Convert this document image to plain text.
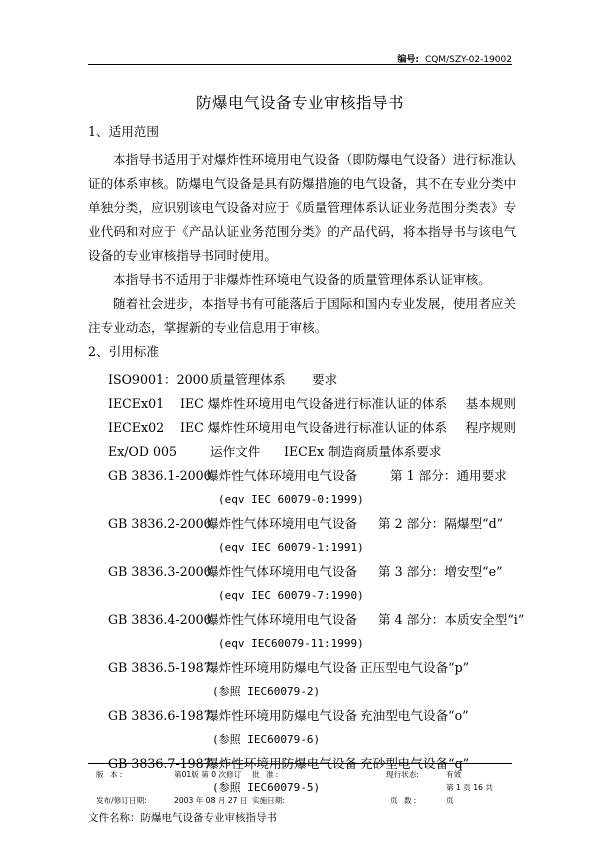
编号: CQM/SZY-02-19002
防爆电气设备专业审核指导书
1、适用范围

本指导书适用于对爆炸性环境用电气设备（即防爆电气设备）进行标准认证的体系审核。防爆电气设备是具有防爆措施的电气设备，其不在专业分类中单独分类，应识别该电气设备对应于《质量管理体系认证业务范围分类表》专业代码和对应于《产品认证业务范围分类》的产品代码，将本指导书与该电气设备的专业审核指导书同时使用。

本指导书不适用于非爆炸性环境电气设备的质量管理体系认证审核。

随着社会进步，本指导书有可能落后于国际和国内专业发展，使用者应关注专业动态，掌握新的专业信息用于审核。

2、引用标准
ISO9001：2000 质量管理体系 要求
IECEx01 IEC 爆炸性环境用电气设备进行标准认证的体系 基本规则
IECEx02 IEC 爆炸性环境用电气设备进行标准认证的体系 程序规则
Ex/OD 005	运作文件 IECEx 制造商质量体系要求
GB 3836.1-2000
爆炸性气体环境用电气设备	第 1 部分：通用要求
(eqv IEC 60079-0:1999)
GB 3836.2-2000
爆炸性气体环境用电气设备 第 2 部分：隔爆型“d”
(eqv IEC 60079-1:1991)
GB 3836.3-2000
爆炸性气体环境用电气设备 第 3 部分：增安型“e”
(eqv IEC 60079-7:1990)
GB 3836.4-2000
爆炸性气体环境用电气设备 第 4 部分：本质安全型“i”
(eqv IEC60079-11:1999)
GB 3836.5-1987
爆炸性环境用防爆电气设备 正压型电气设备“p”
(参照 IEC60079-2)
GB 3836.6-1987
爆炸性环境用防爆电气设备 充油型电气设备“o”
(参照 IEC60079-6)
GB 3836.7-1987
爆炸性环境用防爆电气设备 充砂型电气设备“q”
(参照 IEC60079-5)
版 本:	第01版 第 0 次修订 批 准:	现行状态:	有效
第 1 页 16 共
发布/修订日期:	2003 年 08 月 27 日 实施日期:	页 数:	页
文件名称：防爆电气设备专业审核指导书
